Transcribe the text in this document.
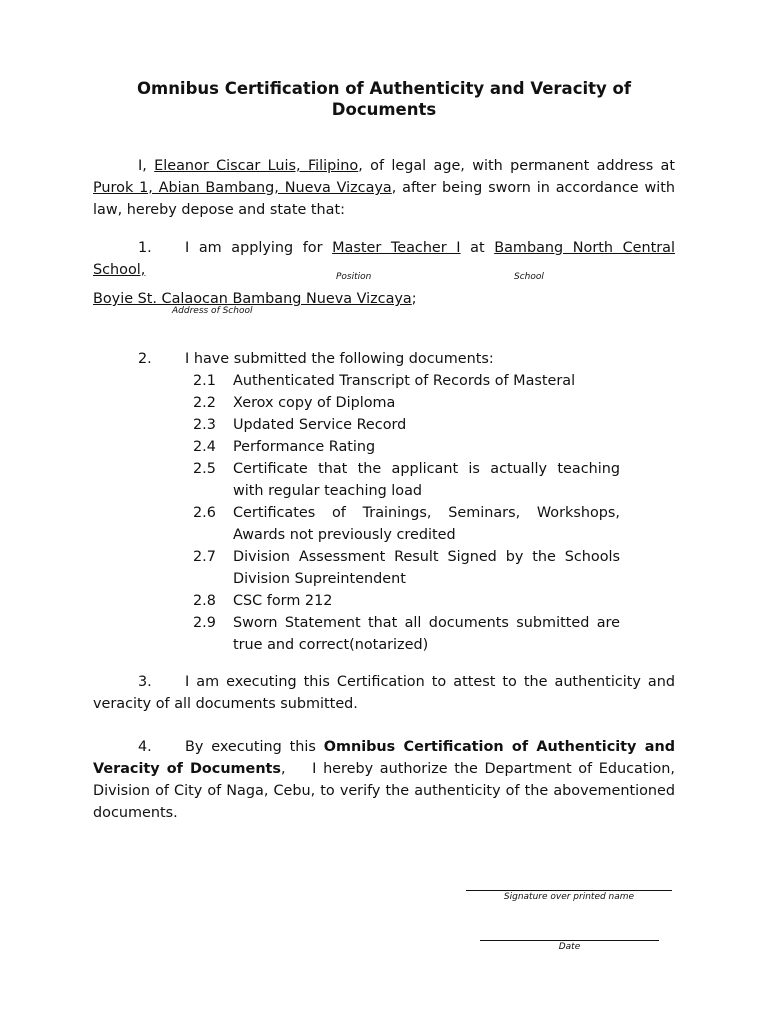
Omnibus Certification of Authenticity and Veracity of Documents
I, Eleanor Ciscar Luis, Filipino, of legal age, with permanent address at Purok 1, Abian Bambang, Nueva Vizcaya, after being sworn in accordance with law, hereby depose and state that:
1. I am applying for Master Teacher I at Bambang North Central School,	Position	School
Boyie St. Calaocan Bambang Nueva Vizcaya;
Address of School
2. I have submitted the following documents:
2.1	Authenticated Transcript of Records of Masteral
2.2	Xerox copy of Diploma
2.3	Updated Service Record
2.4	Performance Rating
2.5	Certificate that the applicant is actually teaching with regular teaching load
2.6	Certificates of Trainings, Seminars, Workshops, Awards not previously credited
2.7	Division Assessment Result Signed by the Schools Division Supreintendent
2.8	CSC form 212
2.9	Sworn Statement that all documents submitted are true and correct(notarized)
3. I am executing this Certification to attest to the authenticity and veracity of all documents submitted.
4. By executing this Omnibus Certification of Authenticity and Veracity of Documents,    I hereby authorize the Department of Education, Division of City of Naga, Cebu, to verify the authenticity of the abovementioned documents.
Signature over printed name
Date
